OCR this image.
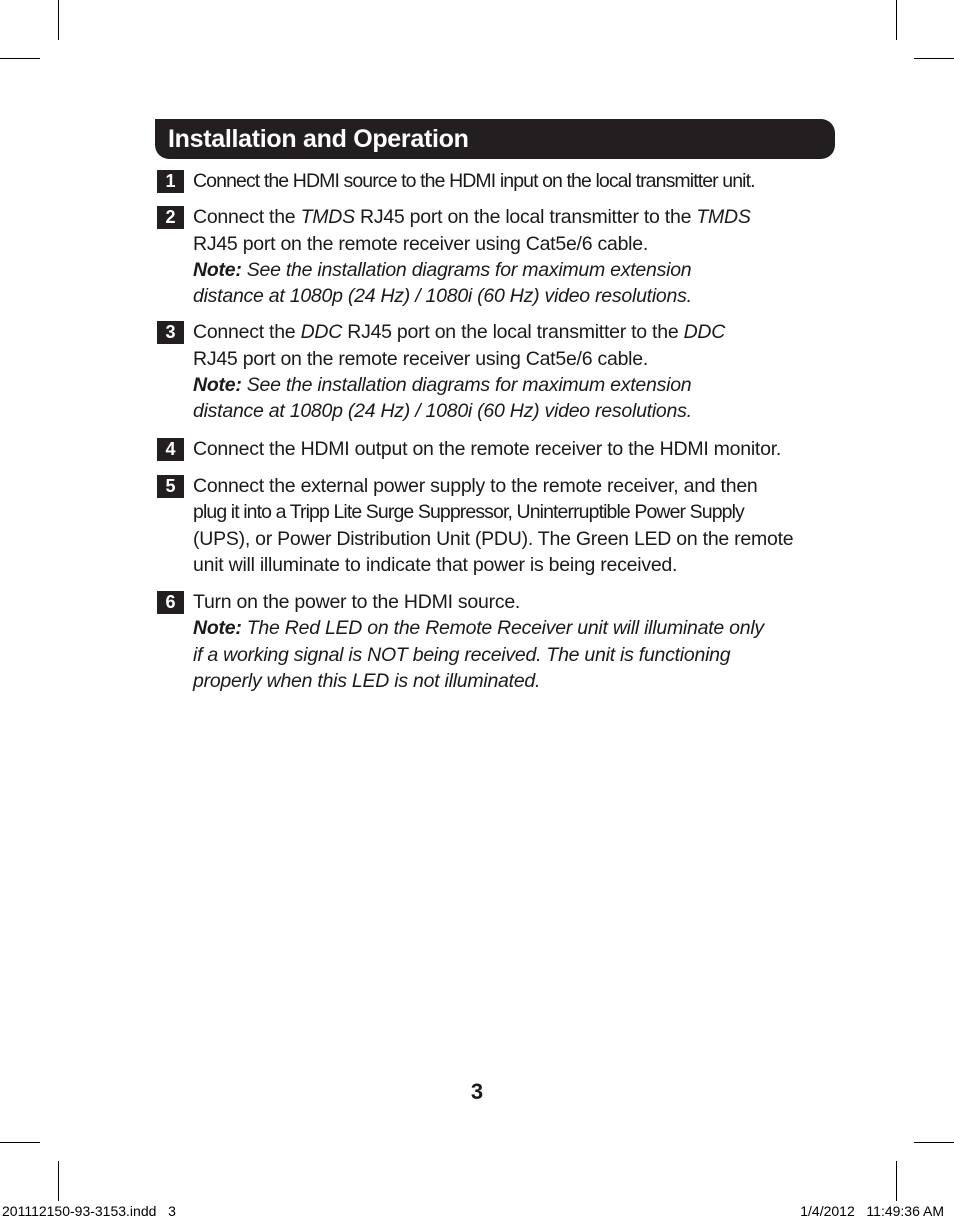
Installation and Operation
1 Connect the HDMI source to the HDMI input on the local transmitter unit.
2 Connect the TMDS RJ45 port on the local transmitter to the TMDS
RJ45 port on the remote receiver using Cat5e/6 cable.
Note: See the installation diagrams for maximum extension
distance at 1080p (24 Hz) / 1080i (60 Hz) video resolutions.
3 Connect the DDC RJ45 port on the local transmitter to the DDC
RJ45 port on the remote receiver using Cat5e/6 cable.
Note: See the installation diagrams for maximum extension
distance at 1080p (24 Hz) / 1080i (60 Hz) video resolutions.
4 Connect the HDMI output on the remote receiver to the HDMI monitor.
5 Connect the external power supply to the remote receiver, and then
plug it into a Tripp Lite Surge Suppressor, Uninterruptible Power Supply
(UPS), or Power Distribution Unit (PDU). The Green LED on the remote
unit will illuminate to indicate that power is being received.
6 Turn on the power to the HDMI source.
Note: The Red LED on the Remote Receiver unit will illuminate only
if a working signal is NOT being received. The unit is functioning
properly when this LED is not illuminated.
3
201112150-93-3153.indd   3	1/4/2012   11:49:36 AM
